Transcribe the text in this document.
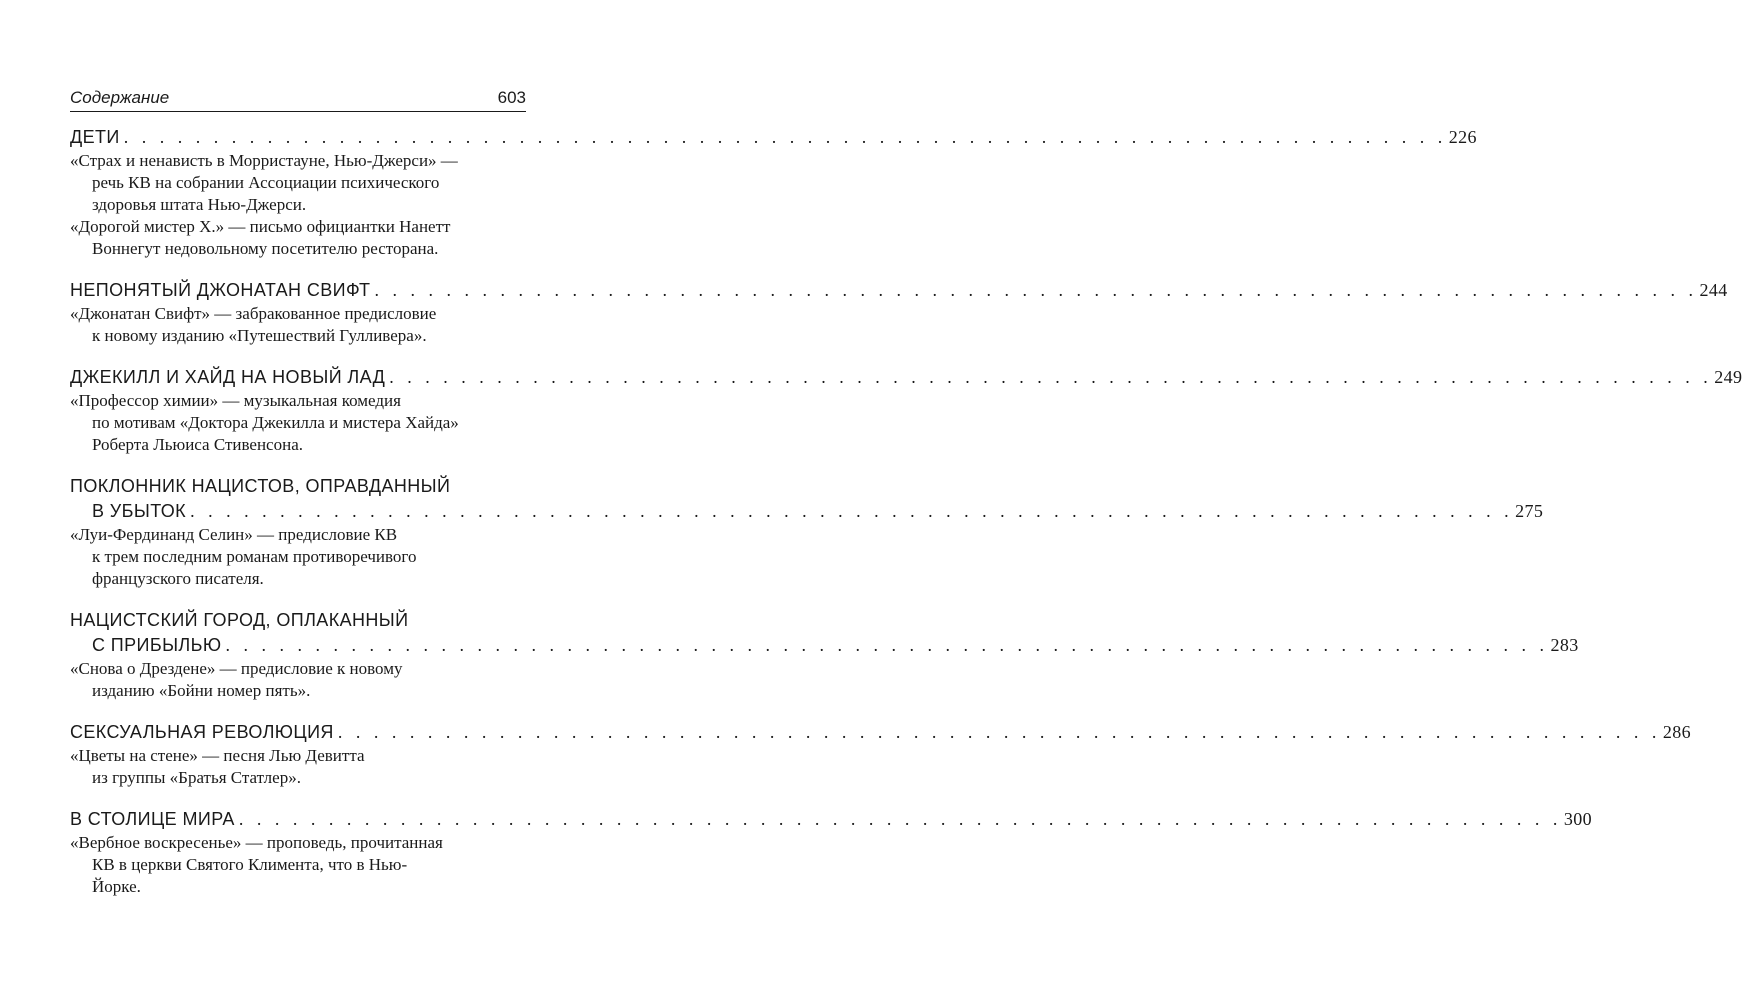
Содержание	603
ДЕТИ . . . . . . . . . . . . . . . . . . . . . . . . . . . . . . . . . . . . . . . . . . . . . . . . . . . . . . . . . . . . . . . . . . . . . . . . . . 226
«Страх и ненависть в Морристауне, Нью-Джерси» —
речь КВ на собрании Ассоциации психического
здоровья штата Нью-Джерси.
«Дорогой мистер Х.» — письмо официантки Нанетт
Воннегут недовольному посетителю ресторана.
НЕПОНЯТЫЙ ДЖОНАТАН СВИФТ . . . . . . . . . . . . . . . . . . . . . . . . . . . . . . . . . . . . . . . . . . . . . . . . . . . . . . . . . . . . . . . . . . . . . . . . . . 244
«Джонатан Свифт» — забракованное предисловие
к новому изданию «Путешествий Гулливера».
ДЖЕКИЛЛ И ХАЙД НА НОВЫЙ ЛАД . . . . . . . . . . . . . . . . . . . . . . . . . . . . . . . . . . . . . . . . . . . . . . . . . . . . . . . . . . . . . . . . . . . . . . . . . . 249
«Профессор химии» — музыкальная комедия
по мотивам «Доктора Джекилла и мистера Хайда»
Роберта Льюиса Стивенсона.
ПОКЛОННИК НАЦИСТОВ, ОПРАВДАННЫЙ
В УБЫТОК . . . . . . . . . . . . . . . . . . . . . . . . . . . . . . . . . . . . . . . . . . . . . . . . . . . . . . . . . . . . . . . . . . . . . . . . . . 275
«Луи-Фердинанд Селин» — предисловие КВ
к трем последним романам противоречивого
французского писателя.
НАЦИСТСКИЙ ГОРОД, ОПЛАКАННЫЙ
С ПРИБЫЛЬЮ . . . . . . . . . . . . . . . . . . . . . . . . . . . . . . . . . . . . . . . . . . . . . . . . . . . . . . . . . . . . . . . . . . . . . . . . . . 283
«Снова о Дрездене» — предисловие к новому
изданию «Бойни номер пять».
СЕКСУАЛЬНАЯ РЕВОЛЮЦИЯ . . . . . . . . . . . . . . . . . . . . . . . . . . . . . . . . . . . . . . . . . . . . . . . . . . . . . . . . . . . . . . . . . . . . . . . . . . 286
«Цветы на стене» — песня Лью Девитта
из группы «Братья Статлер».
В СТОЛИЦЕ МИРА . . . . . . . . . . . . . . . . . . . . . . . . . . . . . . . . . . . . . . . . . . . . . . . . . . . . . . . . . . . . . . . . . . . . . . . . . . 300
«Вербное воскресенье» — проповедь, прочитанная
КВ в церкви Святого Климента, что в Нью-
Йорке.
